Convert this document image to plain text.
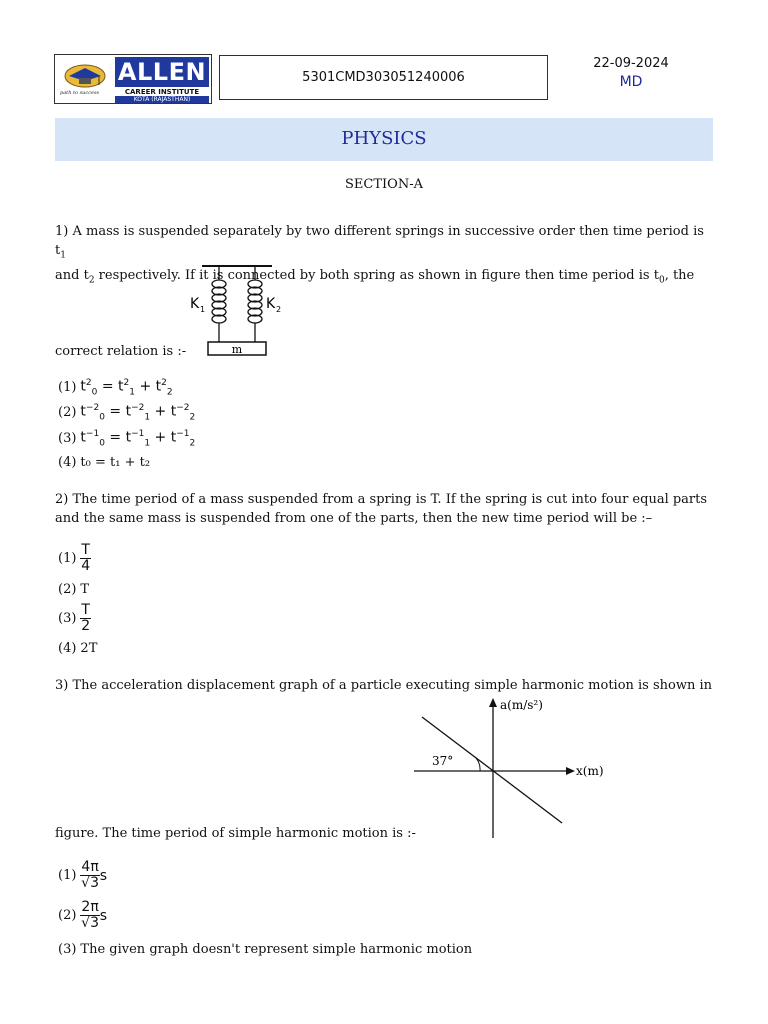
path to success
ALLEN
CAREER INSTITUTE
KOTA (RAJASTHAN)
5301CMD303051240006
22-09-2024
MD
PHYSICS
SECTION-A
1) A mass is suspended separately by two different springs in successive order then time period is $t_1$
and $t_2$ respectively. If it is connected by both spring as shown in figure then time period is $t_0$, the
m
K 1	K 2
correct relation is :-
(1) $t^2_0 = t^2_1 + t^2_2$
(2) $t^{-2}_0 = t^{-2}_1 + t^{-2}_2$
(3) $t^{-1}_0 = t^{-1}_1 + t^{-1}_2$
(4) t₀ = t₁ + t₂
2) The time period of a mass suspended from a spring is T. If the spring is cut into four equal parts
and the same mass is suspended from one of the parts, then the new time period will be :–
$(1) \frac{T}{4}$
(2) T
$(3) \frac{T}{2}$
(4) 2T
3) The acceleration displacement graph of a particle executing simple harmonic motion is shown in
a(m/s²)
x(m)
37°
figure. The time period of simple harmonic motion is :-
$(1) \frac{4\pi}{√3}$ s
$(2) \frac{2\pi}{√3}$ s
(3) The given graph doesn't represent simple harmonic motion
